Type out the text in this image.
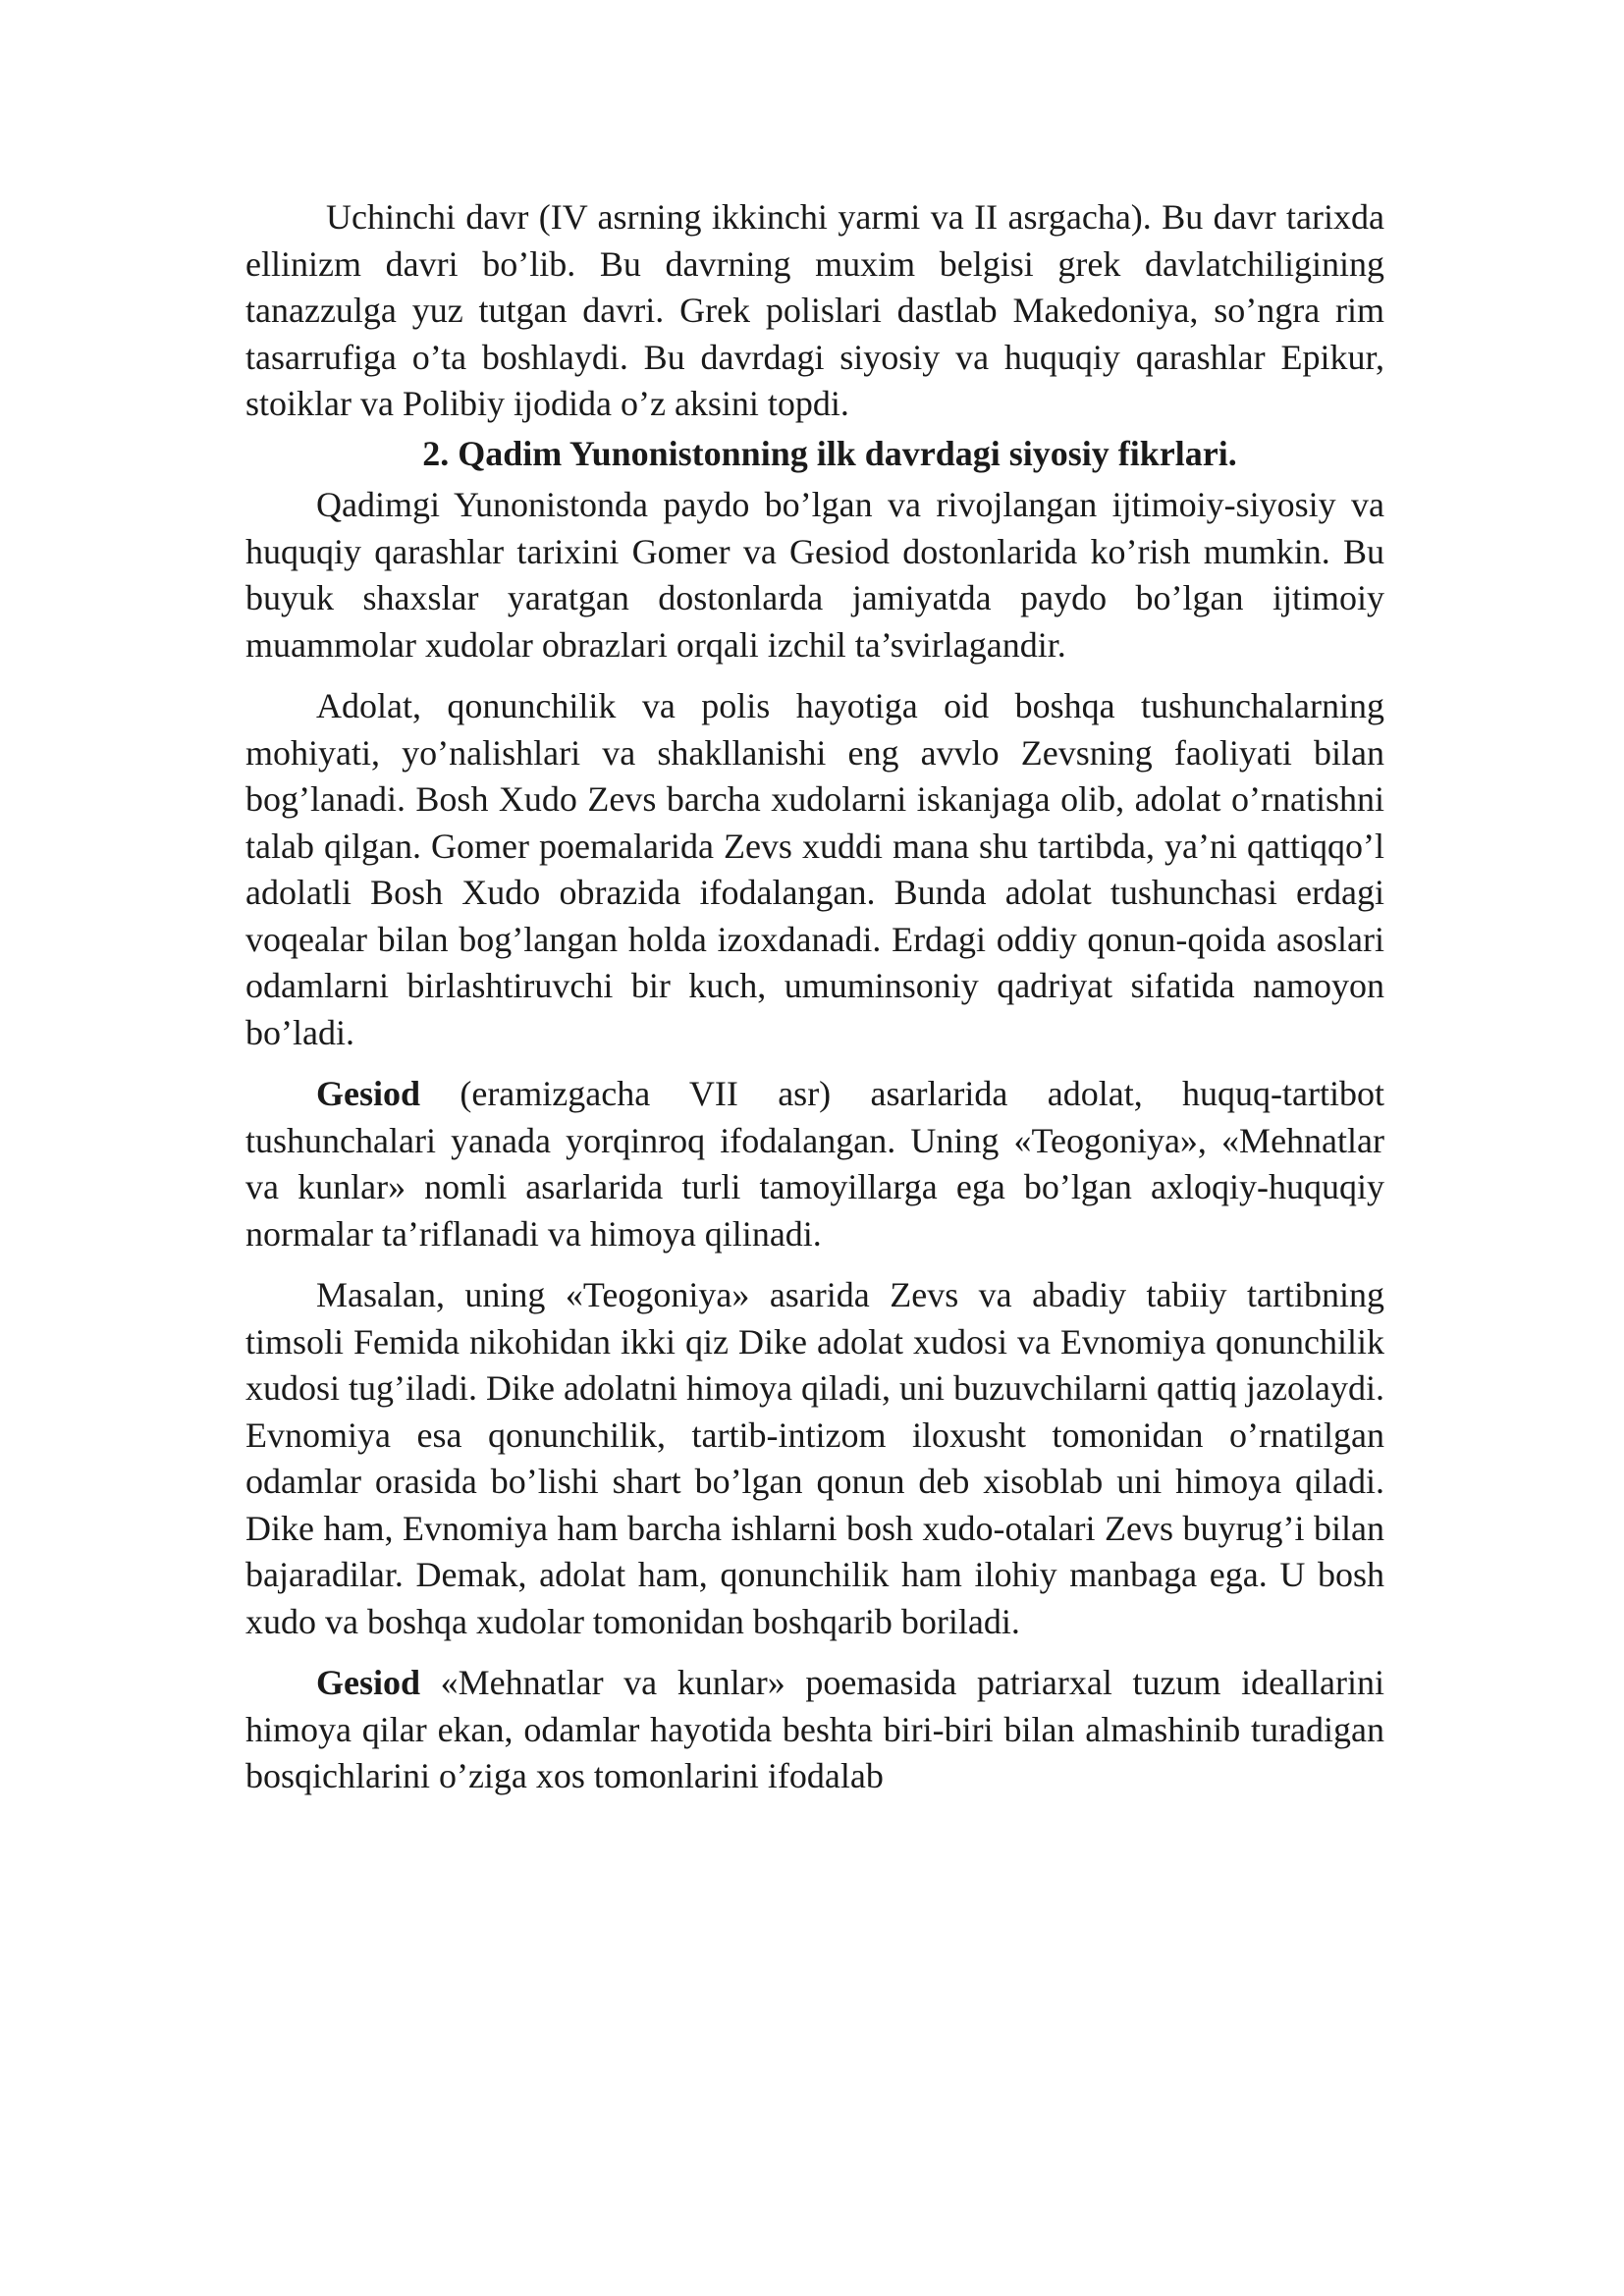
Uchinchi davr (IV asrning ikkinchi yarmi va II asrgacha). Bu davr tarixda ellinizm davri bo’lib. Bu davrning muxim belgisi grek davlatchiligining tanazzulga yuz tutgan davri. Grek polislari dastlab Makedoniya, so’ngra rim tasarrufiga o’ta boshlaydi. Bu davrdagi siyosiy va huquqiy qarashlar Epikur, stoiklar va Polibiy ijodida o’z aksini topdi.

2. Qadim Yunonistonning ilk davrdagi siyosiy fikrlari.

Qadimgi Yunonistonda paydo bo’lgan va rivojlangan ijtimoiy-siyosiy va huquqiy qarashlar tarixini Gomer va Gesiod dostonlarida ko’rish mumkin. Bu buyuk shaxslar yaratgan dostonlarda jamiyatda paydo bo’lgan ijtimoiy muammolar xudolar obrazlari orqali izchil ta’svirlagandir.

Adolat, qonunchilik va polis hayotiga oid boshqa tushunchalarning mohiyati, yo’nalishlari va shakllanishi eng avvlo Zevsning faoliyati bilan bog’lanadi. Bosh Xudo Zevs barcha xudolarni iskanjaga olib, adolat o’rnatishni talab qilgan. Gomer poemalarida Zevs xuddi mana shu tartibda, ya’ni qattiqqo’l adolatli Bosh Xudo obrazida ifodalangan. Bunda adolat tushunchasi erdagi voqealar bilan bog’langan holda izoxdanadi. Erdagi oddiy qonun-qoida asoslari odamlarni birlashtiruvchi bir kuch, umuminsoniy qadriyat sifatida namoyon bo’ladi.

Gesiod (eramizgacha VII asr) asarlarida adolat, huquq-tartibot tushunchalari yanada yorqinroq ifodalangan. Uning «Teogoniya», «Mehnatlar va kunlar» nomli asarlarida turli tamoyillarga ega bo’lgan axloqiy-huquqiy normalar ta’riflanadi va himoya qilinadi.

Masalan, uning «Teogoniya» asarida Zevs va abadiy tabiiy tartibning timsoli Femida nikohidan ikki qiz Dike adolat xudosi va Evnomiya qonunchilik xudosi tug’iladi. Dike adolatni himoya qiladi, uni buzuvchilarni qattiq jazolaydi. Evnomiya esa qonunchilik, tartib-intizom iloxusht tomonidan o’rnatilgan odamlar orasida bo’lishi shart bo’lgan qonun deb xisoblab uni himoya qiladi. Dike ham, Evnomiya ham barcha ishlarni bosh xudo-otalari Zevs buyrug’i bilan bajaradilar. Demak, adolat ham, qonunchilik ham ilohiy manbaga ega. U bosh xudo va boshqa xudolar tomonidan boshqarib boriladi.

Gesiod «Mehnatlar va kunlar» poemasida patriarxal tuzum ideallarini himoya qilar ekan, odamlar hayotida beshta biri-biri bilan almashinib turadigan bosqichlarini o’ziga xos tomonlarini ifodalab
